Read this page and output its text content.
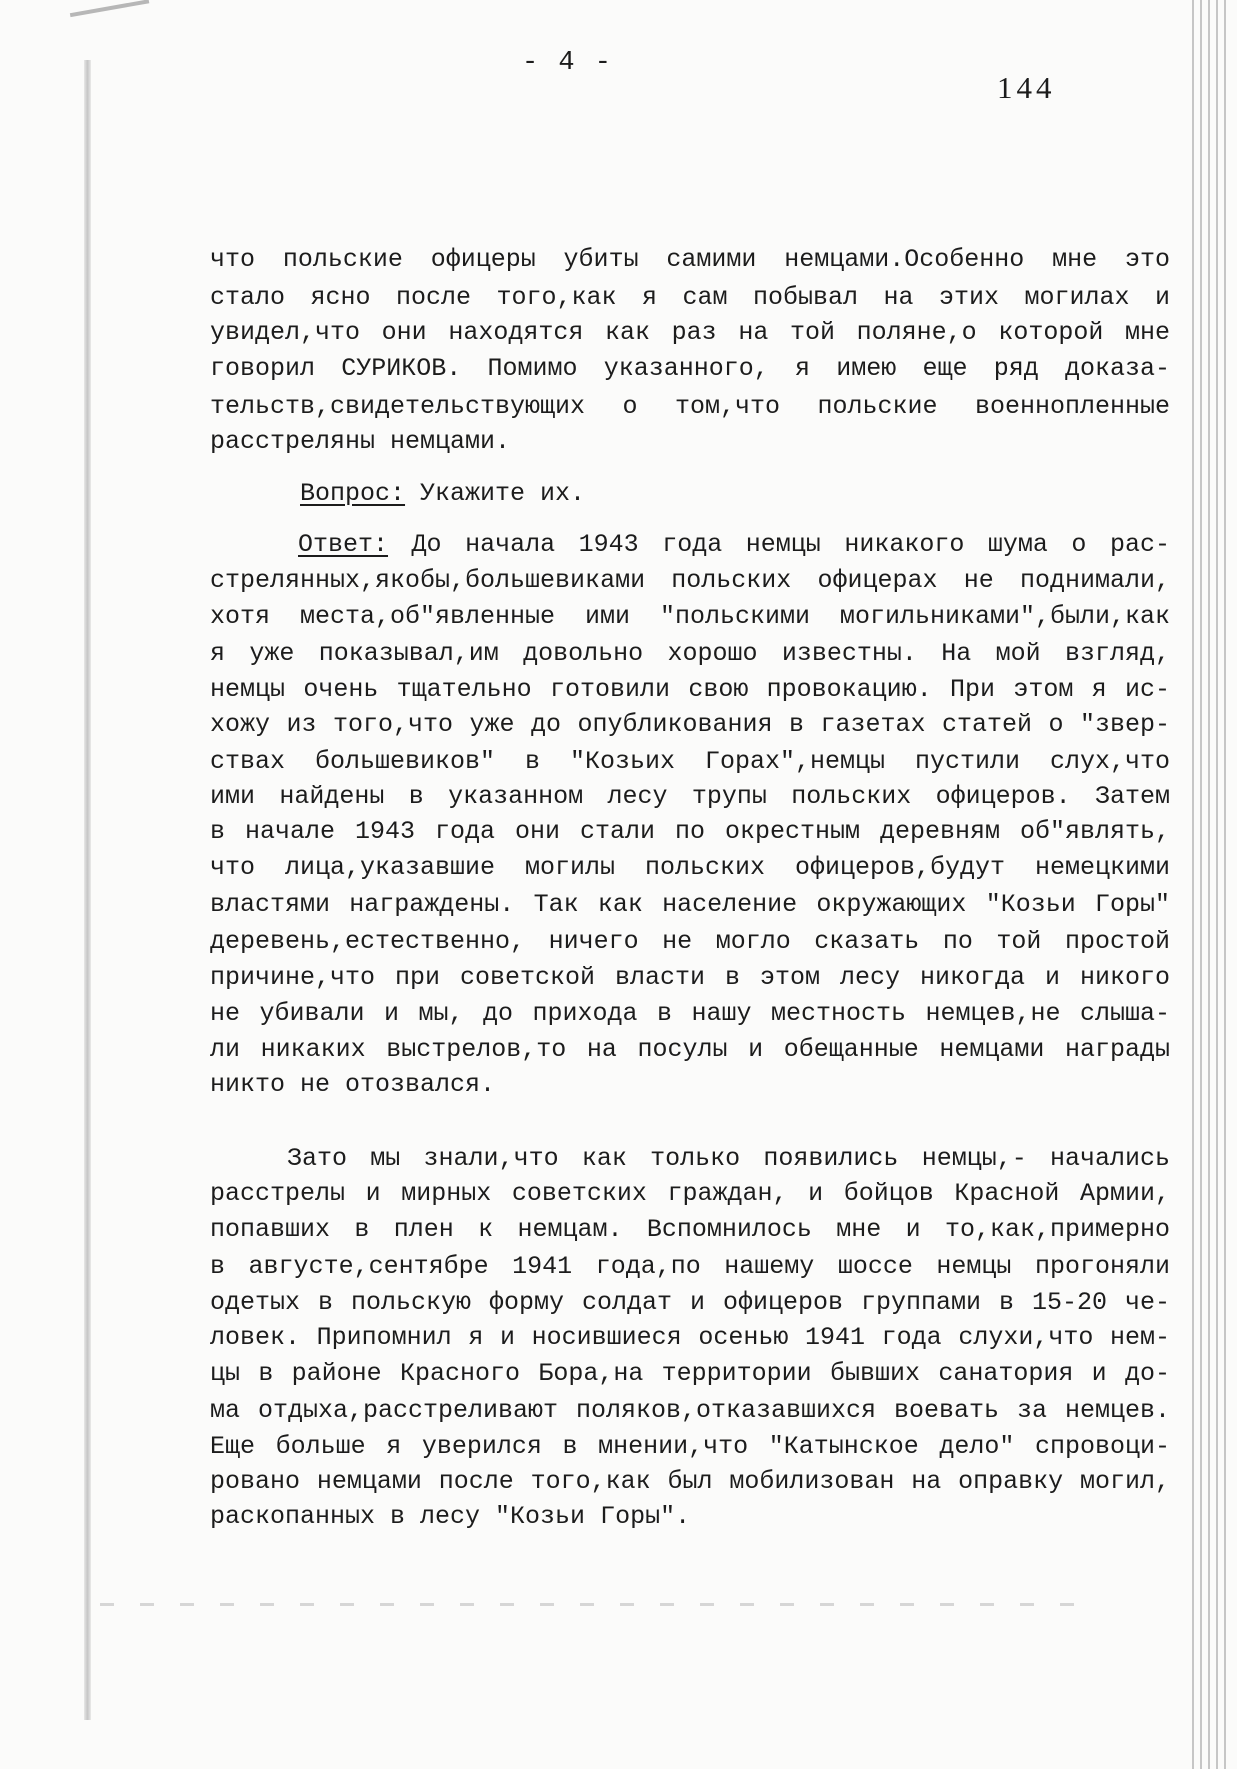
- 4 -
144
что польские офицеры убиты самими немцами.Особенно мне это
стало ясно после того,как я сам побывал на этих могилах и
увидел,что они находятся как раз на той поляне,о которой мне
говорил СУРИКОВ. Помимо указанного, я имею еще ряд доказа-
тельств,свидетельствующих о том,что польские военнопленные
расстреляны немцами.
Вопрос: Укажите их.
Ответ: До начала 1943 года немцы никакого шума о рас-
стрелянных,якобы,большевиками польских офицерах не поднимали,
хотя места,об"явленные ими "польскими могильниками",были,как
я уже показывал,им довольно хорошо известны. На мой взгляд,
немцы очень тщательно готовили свою провокацию. При этом я ис-
хожу из того,что уже до опубликования в газетах статей о "звер-
ствах большевиков" в "Козьих Горах",немцы пустили слух,что
ими найдены в указанном лесу трупы польских офицеров. Затем
в начале 1943 года они стали по окрестным деревням об"являть,
что лица,указавшие могилы польских офицеров,будут немецкими
властями награждены. Так как население окружающих "Козьи Горы"
деревень,естественно, ничего не могло сказать по той простой
причине,что при советской власти в этом лесу никогда и никого
не убивали и мы, до прихода в нашу местность немцев,не слыша-
ли никаких выстрелов,то на посулы и обещанные немцами награды
никто не отозвался.
Зато мы знали,что как только появились немцы,- начались
расстрелы и мирных советских граждан, и бойцов Красной Армии,
попавших в плен к немцам. Вспомнилось мне и то,как,примерно
в августе,сентябре 1941 года,по нашему шоссе немцы прогоняли
одетых в польскую форму солдат и офицеров группами в 15-20 че-
ловек. Припомнил я и носившиеся осенью 1941 года слухи,что нем-
цы в районе Красного Бора,на территории бывших санатория и до-
ма отдыха,расстреливают поляков,отказавшихся воевать за немцев.
Еще больше я уверился в мнении,что "Катынское дело" спровоци-
ровано немцами после того,как был мобилизован на оправку могил,
раскопанных в лесу "Козьи Горы".
